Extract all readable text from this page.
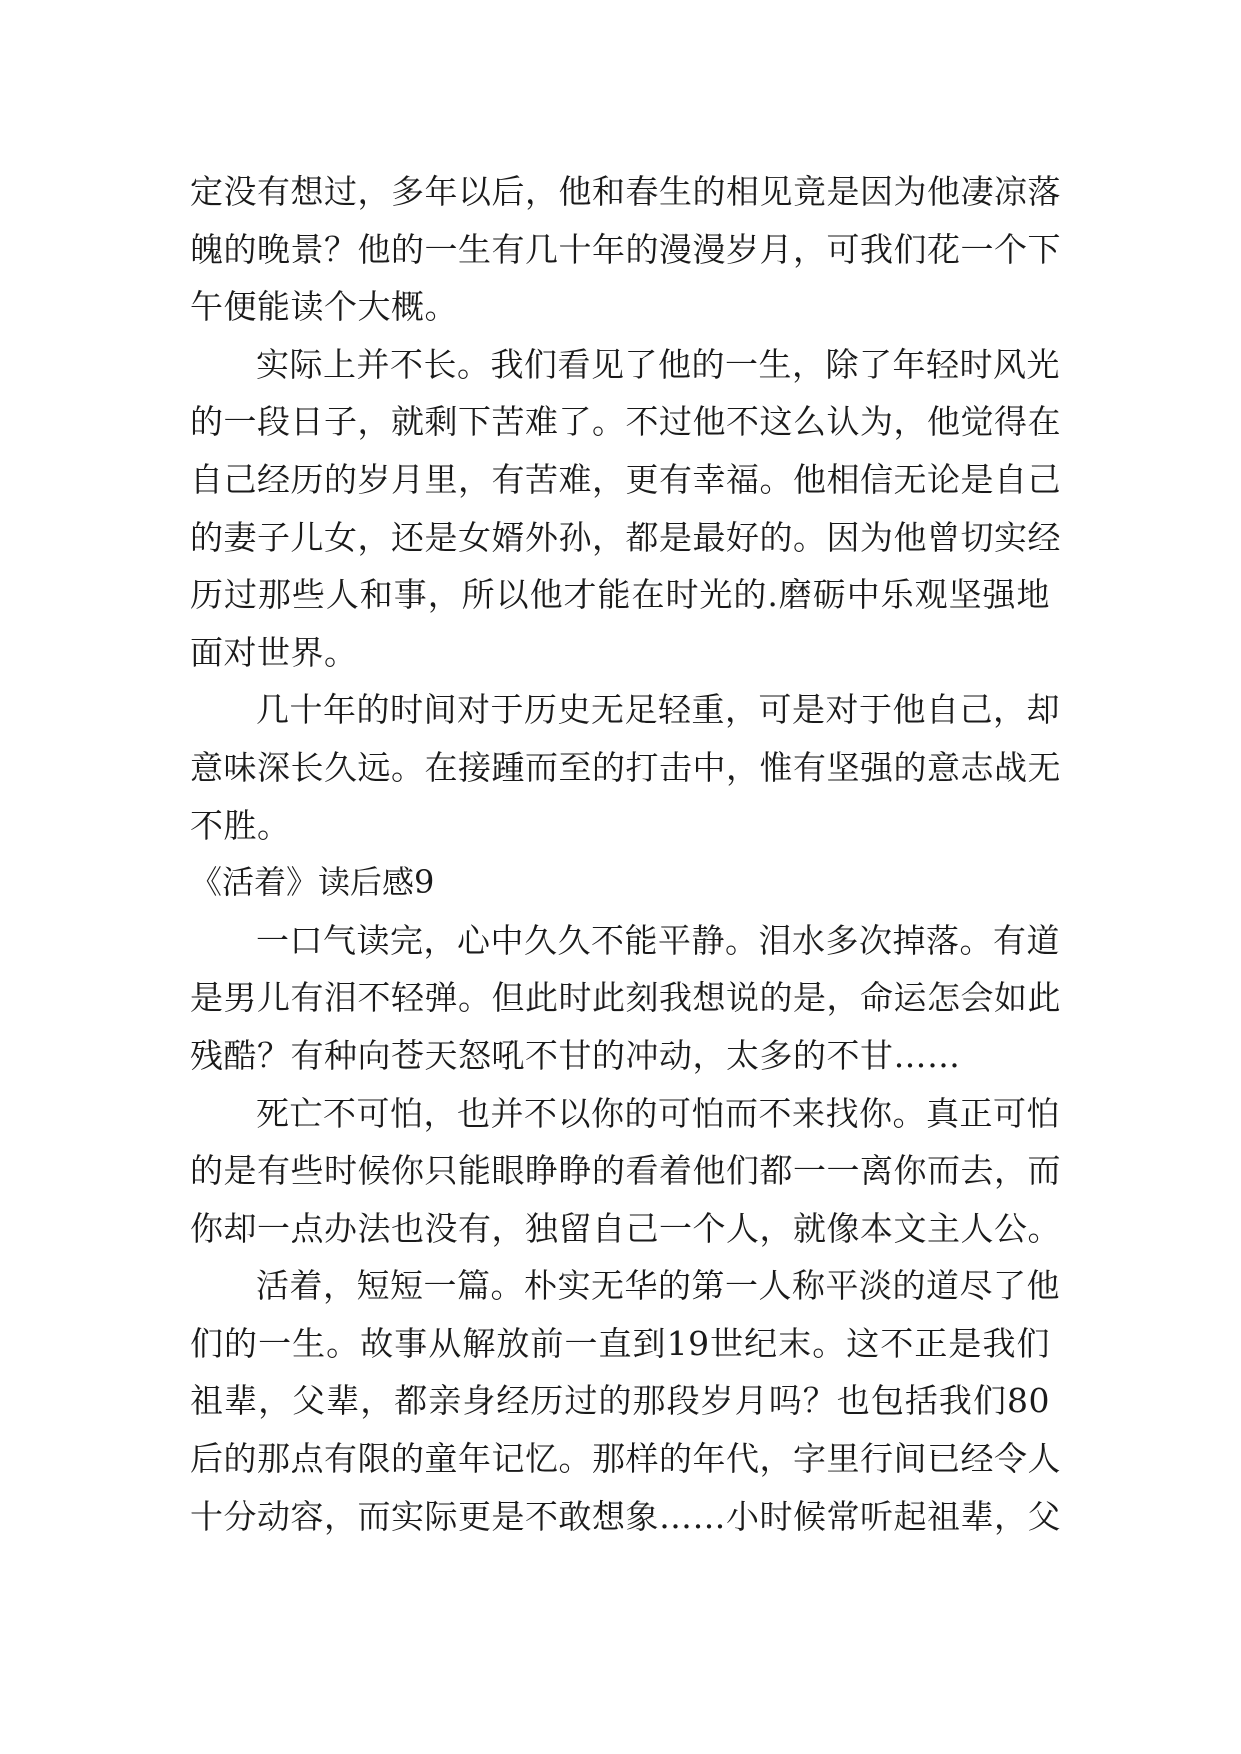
定没有想过，多年以后，他和春生的相见竟是因为他凄凉落
魄的晚景？他的一生有几十年的漫漫岁月，可我们花一个下
午便能读个大概。
实际上并不长。我们看见了他的一生，除了年轻时风光
的一段日子，就剩下苦难了。不过他不这么认为，他觉得在
自己经历的岁月里，有苦难，更有幸福。他相信无论是自己
的妻子儿女，还是女婿外孙，都是最好的。因为他曾切实经
历过那些人和事，所以他才能在时光的.磨砺中乐观坚强地
面对世界。
几十年的时间对于历史无足轻重，可是对于他自己，却
意味深长久远。在接踵而至的打击中，惟有坚强的意志战无
不胜。
《活着》读后感9
一口气读完，心中久久不能平静。泪水多次掉落。有道
是男儿有泪不轻弹。但此时此刻我想说的是，命运怎会如此
残酷？有种向苍天怒吼不甘的冲动，太多的不甘……
死亡不可怕，也并不以你的可怕而不来找你。真正可怕
的是有些时候你只能眼睁睁的看着他们都一一离你而去，而
你却一点办法也没有，独留自己一个人，就像本文主人公。
活着，短短一篇。朴实无华的第一人称平淡的道尽了他
们的一生。故事从解放前一直到19世纪末。这不正是我们
祖辈，父辈，都亲身经历过的那段岁月吗？也包括我们80
后的那点有限的童年记忆。那样的年代，字里行间已经令人
十分动容，而实际更是不敢想象……小时候常听起祖辈，父
